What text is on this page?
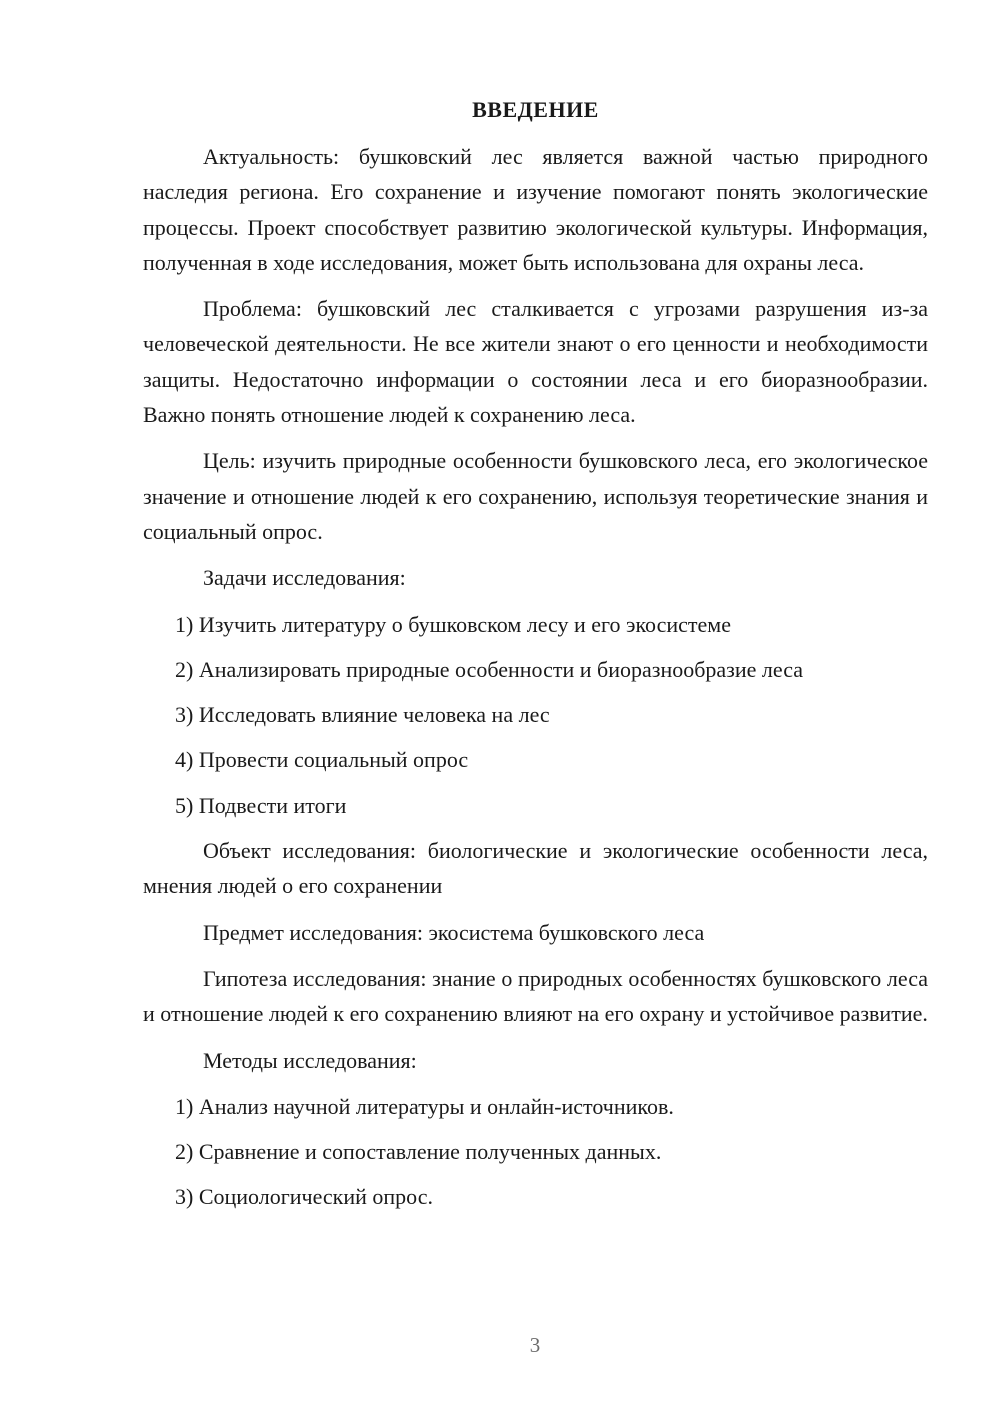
ВВЕДЕНИЕ

Актуальность: бушковский лес является важной частью природного наследия региона. Его сохранение и изучение помогают понять экологические процессы. Проект способствует развитию экологической культуры. Информация, полученная в ходе исследования, может быть использована для охраны леса.

Проблема: бушковский лес сталкивается с угрозами разрушения из-за человеческой деятельности. Не все жители знают о его ценности и необходимости защиты. Недостаточно информации о состоянии леса и его биоразнообразии. Важно понять отношение людей к сохранению леса.

Цель: изучить природные особенности бушковского леса, его экологическое значение и отношение людей к его сохранению, используя теоретические знания и социальный опрос.

Задачи исследования:

1) Изучить литературу о бушковском лесу и его экосистеме
2) Анализировать природные особенности и биоразнообразие леса
3) Исследовать влияние человека на лес
4) Провести социальный опрос
5) Подвести итоги

Объект исследования: биологические и экологические особенности леса, мнения людей о его сохранении

Предмет исследования: экосистема бушковского леса

Гипотеза исследования: знание о природных особенностях бушковского леса и отношение людей к его сохранению влияют на его охрану и устойчивое развитие.

Методы исследования:

1) Анализ научной литературы и онлайн-источников.
2) Сравнение и сопоставление полученных данных.
3) Социологический опрос.
3
